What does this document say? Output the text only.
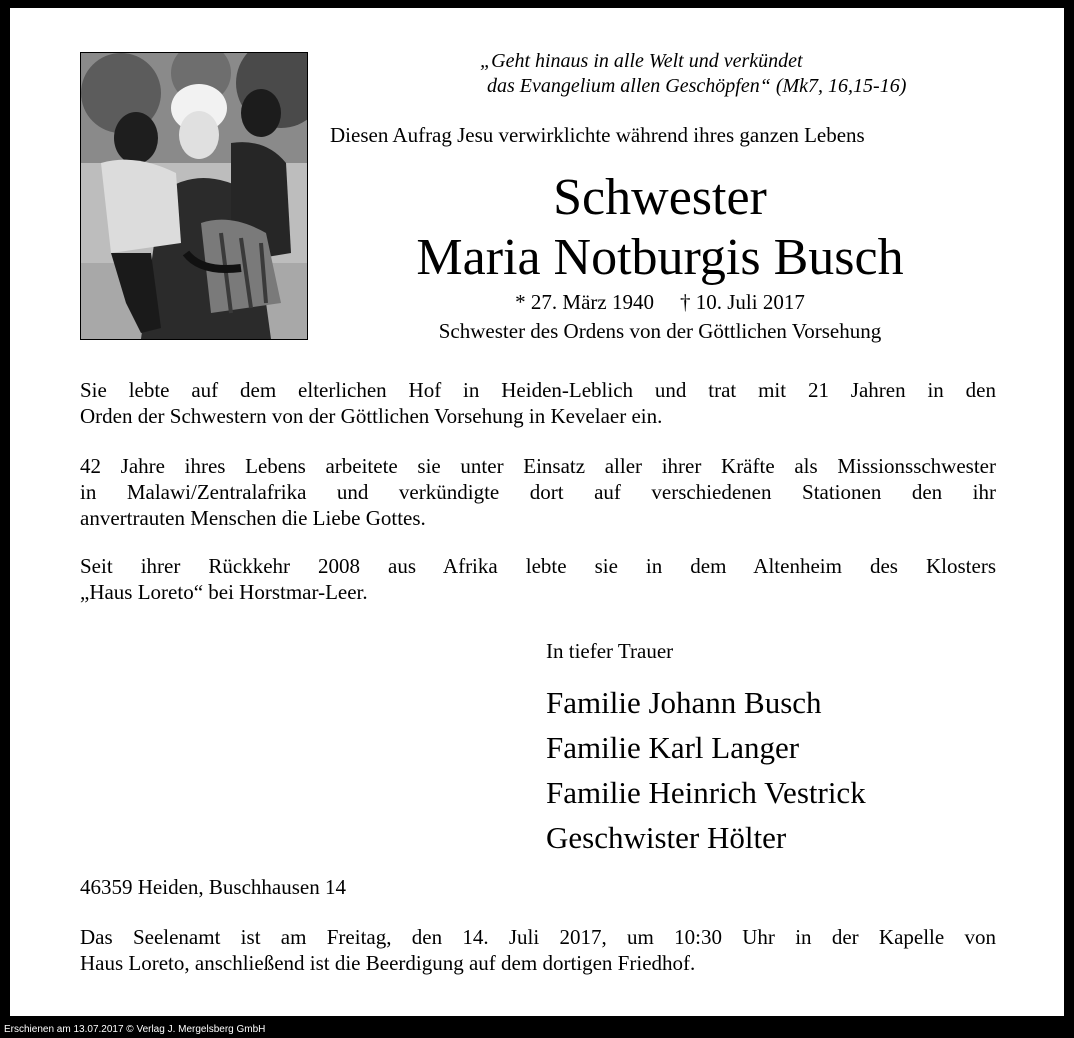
„Geht hinaus in alle Welt und verkündet
das Evangelium allen Geschöpfen“ (Mk7, 16,15-16)
Diesen Aufrag Jesu verwirklichte während ihres ganzen Lebens
Schwester
Maria Notburgis Busch
* 27. März 1940 † 10. Juli 2017
Schwester des Ordens von der Göttlichen Vorsehung
Sie lebte auf dem elterlichen Hof in Heiden-Leblich und trat mit 21 Jahren in den
Orden der Schwestern von der Göttlichen Vorsehung in Kevelaer ein.
42 Jahre ihres Lebens arbeitete sie unter Einsatz aller ihrer Kräfte als Missionsschwester
in Malawi/Zentralafrika und verkündigte dort auf verschiedenen Stationen den ihr
anvertrauten Menschen die Liebe Gottes.
Seit ihrer Rückkehr 2008 aus Afrika lebte sie in dem Altenheim des Klosters
„Haus Loreto“ bei Horstmar-Leer.
In tiefer Trauer
Familie Johann Busch
Familie Karl Langer
Familie Heinrich Vestrick
Geschwister Hölter
46359 Heiden, Buschhausen 14
Das Seelenamt ist am Freitag, den 14. Juli 2017, um 10:30 Uhr in der Kapelle von
Haus Loreto, anschließend ist die Beerdigung auf dem dortigen Friedhof.
Erschienen am 13.07.2017 © Verlag J. Mergelsberg GmbH
